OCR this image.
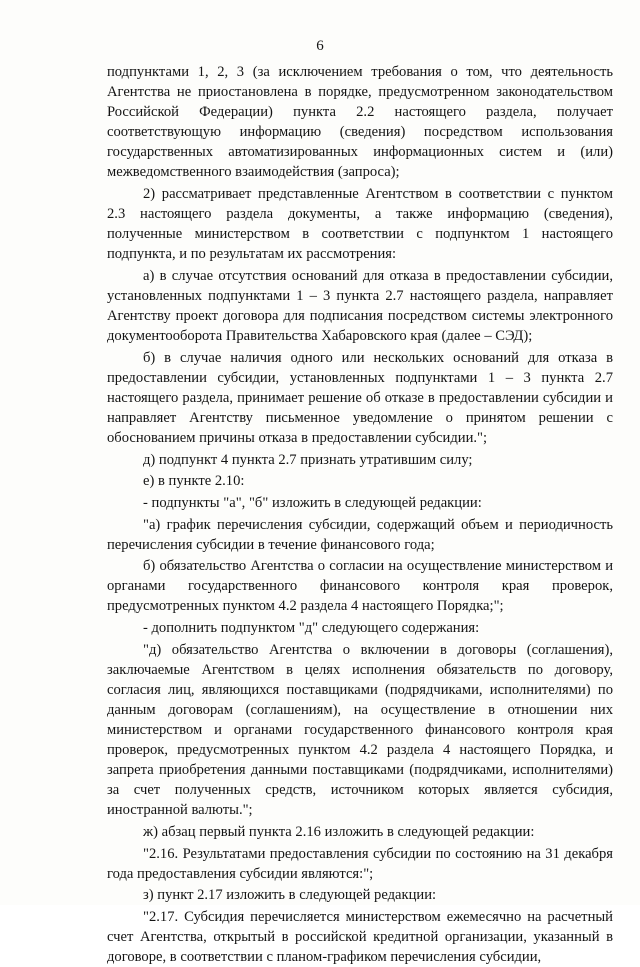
6

подпунктами 1, 2, 3 (за исключением требования о том, что деятельность Агентства не приостановлена в порядке, предусмотренном законодательством Российской Федерации) пункта 2.2 настоящего раздела, получает соответствующую информацию (сведения) посредством использования государственных автоматизированных информационных систем и (или) межведомственного взаимодействия (запроса);

2) рассматривает представленные Агентством в соответствии с пунктом 2.3 настоящего раздела документы, а также информацию (сведения), полученные министерством в соответствии с подпунктом 1 настоящего подпункта, и по результатам их рассмотрения:

а) в случае отсутствия оснований для отказа в предоставлении субсидии, установленных подпунктами 1 – 3 пункта 2.7 настоящего раздела, направляет Агентству проект договора для подписания посредством системы электронного документооборота Правительства Хабаровского края (далее – СЭД);

б) в случае наличия одного или нескольких оснований для отказа в предоставлении субсидии, установленных подпунктами 1 – 3 пункта 2.7 настоящего раздела, принимает решение об отказе в предоставлении субсидии и направляет Агентству письменное уведомление о принятом решении с обоснованием причины отказа в предоставлении субсидии.";

д) подпункт 4 пункта 2.7 признать утратившим силу;

е) в пункте 2.10:

- подпункты "а", "б" изложить в следующей редакции:

"а) график перечисления субсидии, содержащий объем и периодичность перечисления субсидии в течение финансового года;

б) обязательство Агентства о согласии на осуществление министерством и органами государственного финансового контроля края проверок, предусмотренных пунктом 4.2 раздела 4 настоящего Порядка;";

- дополнить подпунктом "д" следующего содержания:

"д) обязательство Агентства о включении в договоры (соглашения), заключаемые Агентством в целях исполнения обязательств по договору, согласия лиц, являющихся поставщиками (подрядчиками, исполнителями) по данным договорам (соглашениям), на осуществление в отношении них министерством и органами государственного финансового контроля края проверок, предусмотренных пунктом 4.2 раздела 4 настоящего Порядка, и запрета приобретения данными поставщиками (подрядчиками, исполнителями) за счет полученных средств, источником которых является субсидия, иностранной валюты.";

ж) абзац первый пункта 2.16 изложить в следующей редакции:

"2.16. Результатами предоставления субсидии по состоянию на 31 декабря года предоставления субсидии являются:";

з) пункт 2.17 изложить в следующей редакции:

"2.17. Субсидия перечисляется министерством ежемесячно на расчетный счет Агентства, открытый в российской кредитной организации, указанный в договоре, в соответствии с планом-графиком перечисления субсидии,
